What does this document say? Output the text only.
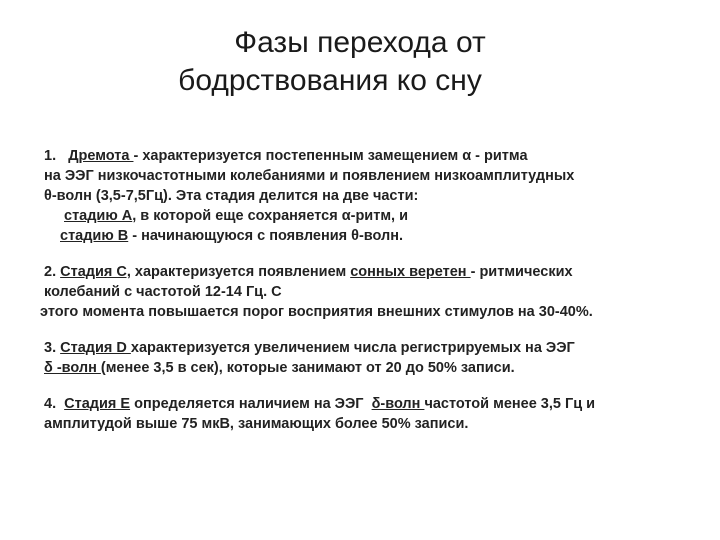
Фазы перехода от
бодрствования ко сну
1.   Дремота - характеризуется постепенным замещением α - ритма
на ЭЭГ низкочастотными колебаниями и появлением низкоамплитудных
θ-волн (3,5-7,5Гц). Эта стадия делится на две части:
стадию А, в которой еще сохраняется α-ритм, и
стадию В - начинающуюся с появления θ-волн.
2. Стадия С, характеризуется появлением сонных веретен - ритмических
колебаний с частотой 12-14 Гц. С
этого момента повышается порог восприятия внешних стимулов на 30-40%.
3. Стадия D характеризуется увеличением числа регистрируемых на ЭЭГ
δ -волн (менее 3,5 в сек), которые занимают от 20 до 50% записи.
4.  Стадия Е определяется наличием на ЭЭГ  δ-волн частотой менее 3,5 Гц и
амплитудой выше 75 мкВ, занимающих более 50% записи.
